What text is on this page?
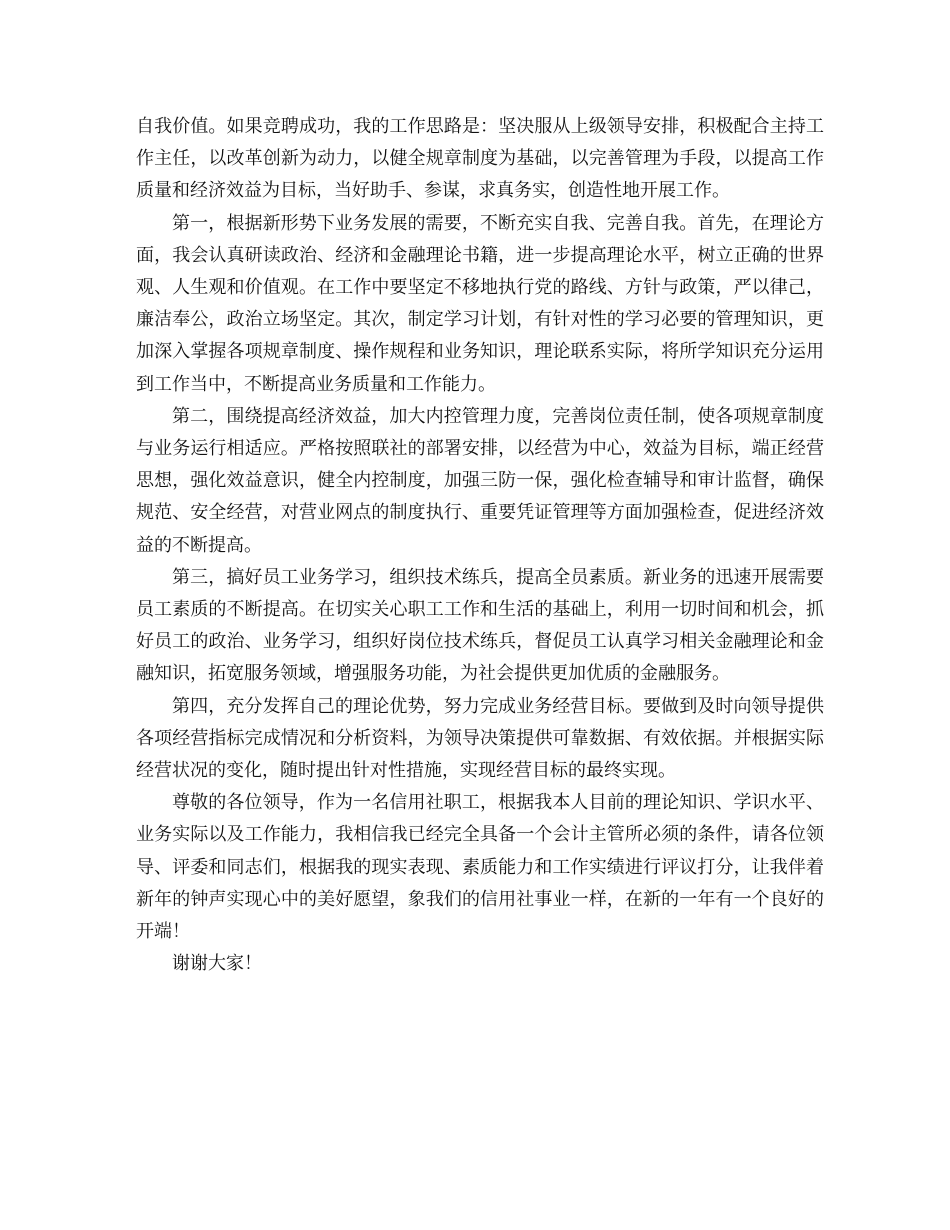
自我价值。如果竞聘成功，我的工作思路是：坚决服从上级领导安排，积极配合主持工作主任，以改革创新为动力，以健全规章制度为基础，以完善管理为手段，以提高工作质量和经济效益为目标，当好助手、参谋，求真务实，创造性地开展工作。

第一，根据新形势下业务发展的需要，不断充实自我、完善自我。首先，在理论方面，我会认真研读政治、经济和金融理论书籍，进一步提高理论水平，树立正确的世界观、人生观和价值观。在工作中要坚定不移地执行党的路线、方针与政策，严以律己，廉洁奉公，政治立场坚定。其次，制定学习计划，有针对性的学习必要的管理知识，更加深入掌握各项规章制度、操作规程和业务知识，理论联系实际，将所学知识充分运用到工作当中，不断提高业务质量和工作能力。

第二，围绕提高经济效益，加大内控管理力度，完善岗位责任制，使各项规章制度与业务运行相适应。严格按照联社的部署安排，以经营为中心，效益为目标，端正经营思想，强化效益意识，健全内控制度，加强三防一保，强化检查辅导和审计监督，确保规范、安全经营，对营业网点的制度执行、重要凭证管理等方面加强检查，促进经济效益的不断提高。

第三，搞好员工业务学习，组织技术练兵，提高全员素质。新业务的迅速开展需要员工素质的不断提高。在切实关心职工工作和生活的基础上，利用一切时间和机会，抓好员工的政治、业务学习，组织好岗位技术练兵，督促员工认真学习相关金融理论和金融知识，拓宽服务领域，增强服务功能，为社会提供更加优质的金融服务。

第四，充分发挥自己的理论优势，努力完成业务经营目标。要做到及时向领导提供各项经营指标完成情况和分析资料，为领导决策提供可靠数据、有效依据。并根据实际经营状况的变化，随时提出针对性措施，实现经营目标的最终实现。

尊敬的各位领导，作为一名信用社职工，根据我本人目前的理论知识、学识水平、业务实际以及工作能力，我相信我已经完全具备一个会计主管所必须的条件，请各位领导、评委和同志们，根据我的现实表现、素质能力和工作实绩进行评议打分，让我伴着新年的钟声实现心中的美好愿望，象我们的信用社事业一样，在新的一年有一个良好的开端！

谢谢大家！
